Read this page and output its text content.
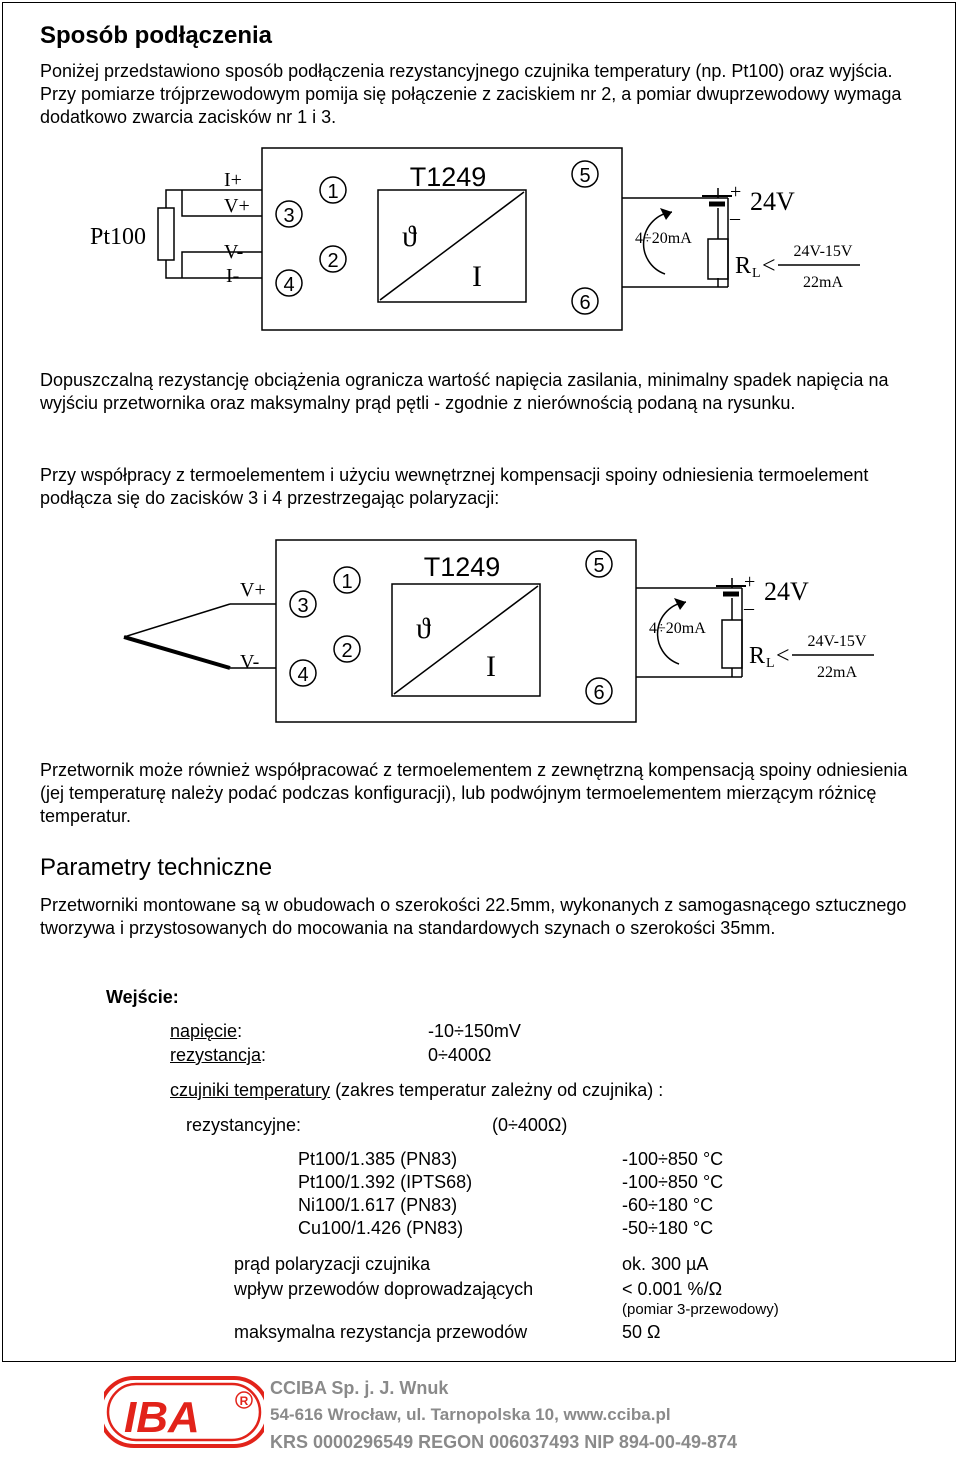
Sposób podłączenia
Poniżej przedstawiono sposób podłączenia rezystancyjnego czujnika temperatury (np. Pt100) oraz wyjścia. Przy pomiarze trójprzewodowym pomija się połączenie z zaciskiem nr 2, a pomiar dwuprzewodowy wymaga dodatkowo zwarcia zacisków nr 1 i 3.
Pt100
I+
V+
V-
I-
1
2
3
4
5
6
T1249
ϑ
I
4÷20mA
+
–
24V
R L <
24V-15V
22mA
Dopuszczalną rezystancję obciążenia ogranicza wartość napięcia zasilania, minimalny spadek napięcia na wyjściu przetwornika oraz maksymalny prąd pętli - zgodnie z nierównością podaną na rysunku.
Przy współpracy z termoelementem i użyciu wewnętrznej kompensacji spoiny odniesienia termoelement podłącza się do zacisków 3 i 4 przestrzegając polaryzacji:
V+
V-
1
2
3
4
5
6
T1249
ϑ
I
4÷20mA
+
–
24V
R L <
24V-15V
22mA
Przetwornik może również współpracować z termoelementem z zewnętrzną kompensacją spoiny odniesienia (jej temperaturę należy podać podczas konfiguracji), lub podwójnym termoelementem mierzącym różnicę temperatur.
Parametry techniczne
Przetworniki montowane są w obudowach o szerokości 22.5mm, wykonanych z samogasnącego sztucznego tworzywa i przystosowanych do mocowania na standardowych szynach o szerokości 35mm.
Wejście:
napięcie:	-10÷150mV
rezystancja:	0÷400Ω
czujniki temperatury (zakres temperatur zależny od czujnika) :
rezystancyjne:	(0÷400Ω)
Pt100/1.385 (PN83)	-100÷850 °C
Pt100/1.392 (IPTS68)	-100÷850 °C
Ni100/1.617 (PN83)	-60÷180 °C
Cu100/1.426 (PN83)	-50÷180 °C
prąd polaryzacji czujnika	ok. 300 µA
wpływ przewodów doprowadzających	< 0.001 %/Ω
(pomiar 3-przewodowy)
maksymalna rezystancja przewodów	50 Ω
IBA	R
CCIBA Sp. j. J. Wnuk
54-616 Wrocław, ul. Tarnopolska 10, www.cciba.pl
KRS 0000296549 REGON 006037493 NIP 894-00-49-874
